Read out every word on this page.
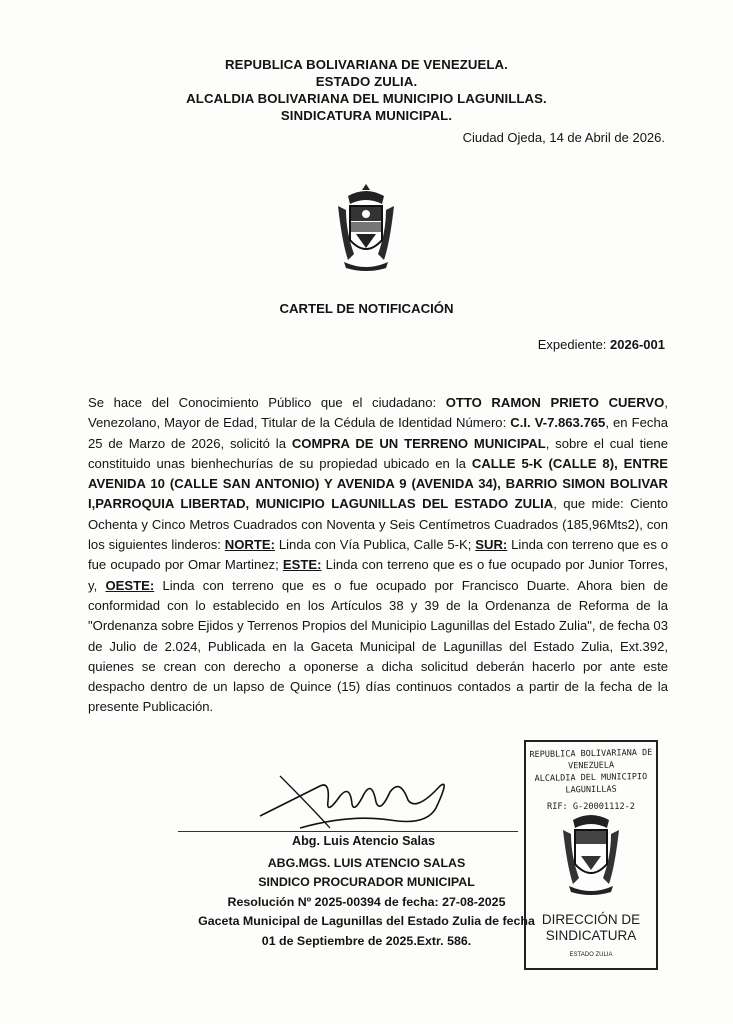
REPUBLICA BOLIVARIANA DE VENEZUELA.
ESTADO ZULIA.
ALCALDIA BOLIVARIANA DEL MUNICIPIO LAGUNILLAS.
SINDICATURA MUNICIPAL.
Ciudad Ojeda, 14 de Abril de 2026.
CARTEL DE NOTIFICACIÓN
Expediente: 2026-001
Se hace del Conocimiento Público que el ciudadano: OTTO RAMON PRIETO CUERVO, Venezolano, Mayor de Edad, Titular de la Cédula de Identidad Número: C.I. V-7.863.765, en Fecha 25 de Marzo de 2026, solicitó la COMPRA DE UN TERRENO MUNICIPAL, sobre el cual tiene constituido unas bienhechurías de su propiedad ubicado en la CALLE 5-K (CALLE 8), ENTRE AVENIDA 10 (CALLE SAN ANTONIO) Y AVENIDA 9 (AVENIDA 34), BARRIO SIMON BOLIVAR I,PARROQUIA LIBERTAD, MUNICIPIO LAGUNILLAS DEL ESTADO ZULIA, que mide: Ciento Ochenta y Cinco Metros Cuadrados con Noventa y Seis Centímetros Cuadrados (185,96Mts2), con los siguientes linderos: NORTE: Linda con Vía Publica, Calle 5-K; SUR: Linda con terreno que es o fue ocupado por Omar Martinez; ESTE: Linda con terreno que es o fue ocupado por Junior Torres, y, OESTE: Linda con terreno que es o fue ocupado por Francisco Duarte. Ahora bien de conformidad con lo establecido en los Artículos 38 y 39 de la Ordenanza de Reforma de la "Ordenanza sobre Ejidos y Terrenos Propios del Municipio Lagunillas del Estado Zulia", de fecha 03 de Julio de 2.024, Publicada en la Gaceta Municipal de Lagunillas del Estado Zulia, Ext.392, quienes se crean con derecho a oponerse a dicha solicitud deberán hacerlo por ante este despacho dentro de un lapso de Quince (15) días continuos contados a partir de la fecha de la presente Publicación.
Abg. Luis Atencio Salas
ABG.MGS. LUIS ATENCIO SALAS
SINDICO PROCURADOR MUNICIPAL
Resolución Nº 2025-00394 de fecha: 27-08-2025
Gaceta Municipal de Lagunillas del Estado Zulia de fecha
01 de Septiembre de 2025.Extr. 586.
REPUBLICA BOLIVARIANA DE VENEZUELA
ALCALDIA DEL MUNICIPIO LAGUNILLAS
RIF: G-20001112-2
DIRECCIÓN DE
SINDICATURA
ESTADO ZULIA
